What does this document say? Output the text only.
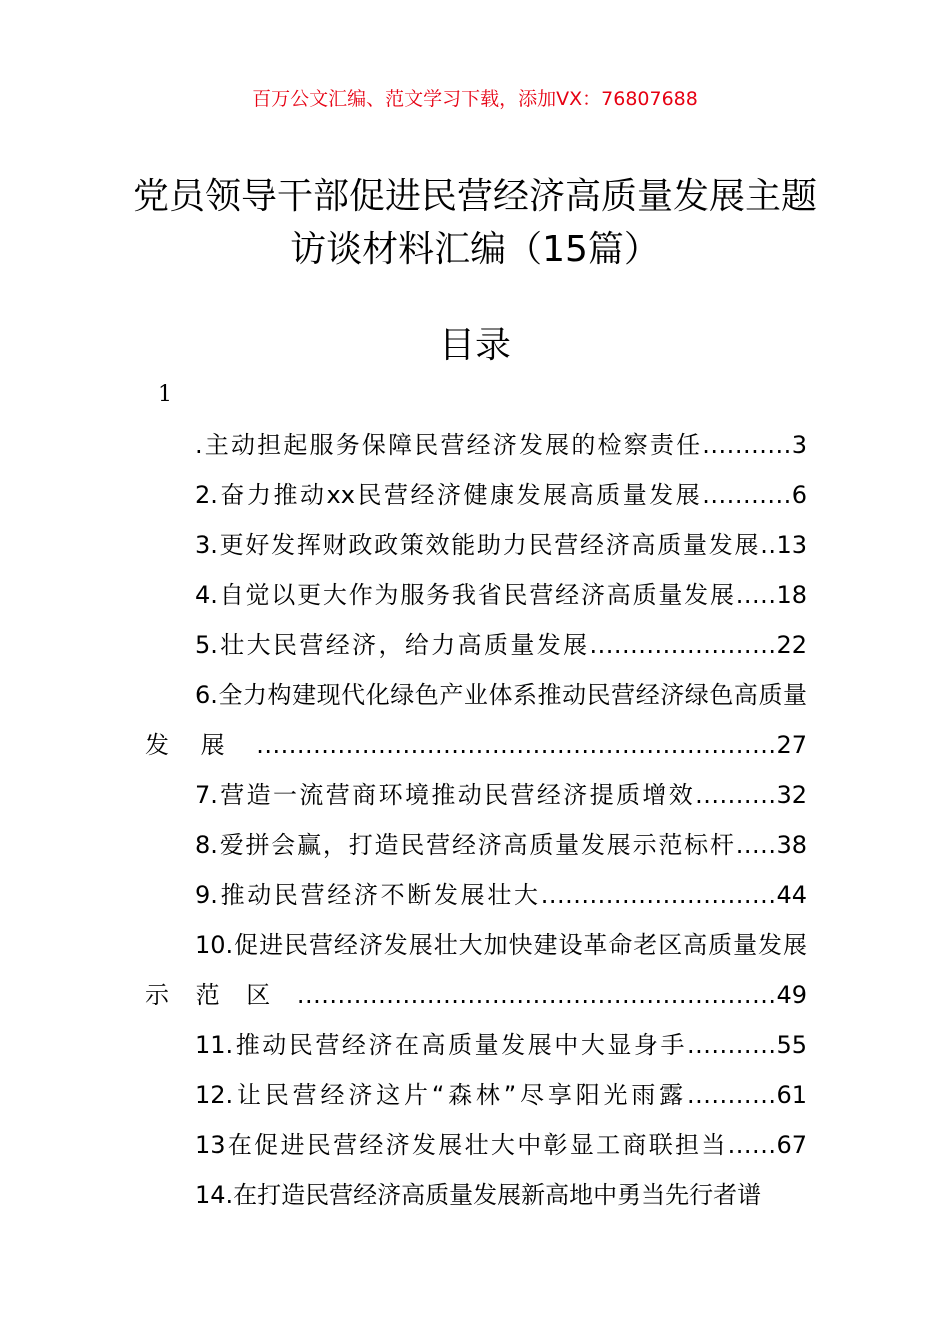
百万公文汇编、范文学习下载，添加VX：76807688
党员领导干部促进民营经济高质量发展主题访谈材料汇编（15篇）
目录
1
.主动担起服务保障民营经济发展的检察责任...........3
2.奋力推动xx民营经济健康发展高质量发展...........6
3.更好发挥财政政策效能助力民营经济高质量发展..13
4.自觉以更大作为服务我省民营经济高质量发展.....18
5.壮大民营经济，给力高质量发展.......................22
6.全力构建现代化绿色产业体系推动民营经济绿色高质量发展................................................................27
7.营造一流营商环境推动民营经济提质增效..........32
8.爱拼会赢，打造民营经济高质量发展示范标杆.....38
9.推动民营经济不断发展壮大.............................44
10.促进民营经济发展壮大加快建设革命老区高质量发展示范区...........................................................49
11.推动民营经济在高质量发展中大显身手...........55
12.让民营经济这片“森林”尽享阳光雨露...........61
13在促进民营经济发展壮大中彰显工商联担当......67
14.在打造民营经济高质量发展新高地中勇当先行者谱
